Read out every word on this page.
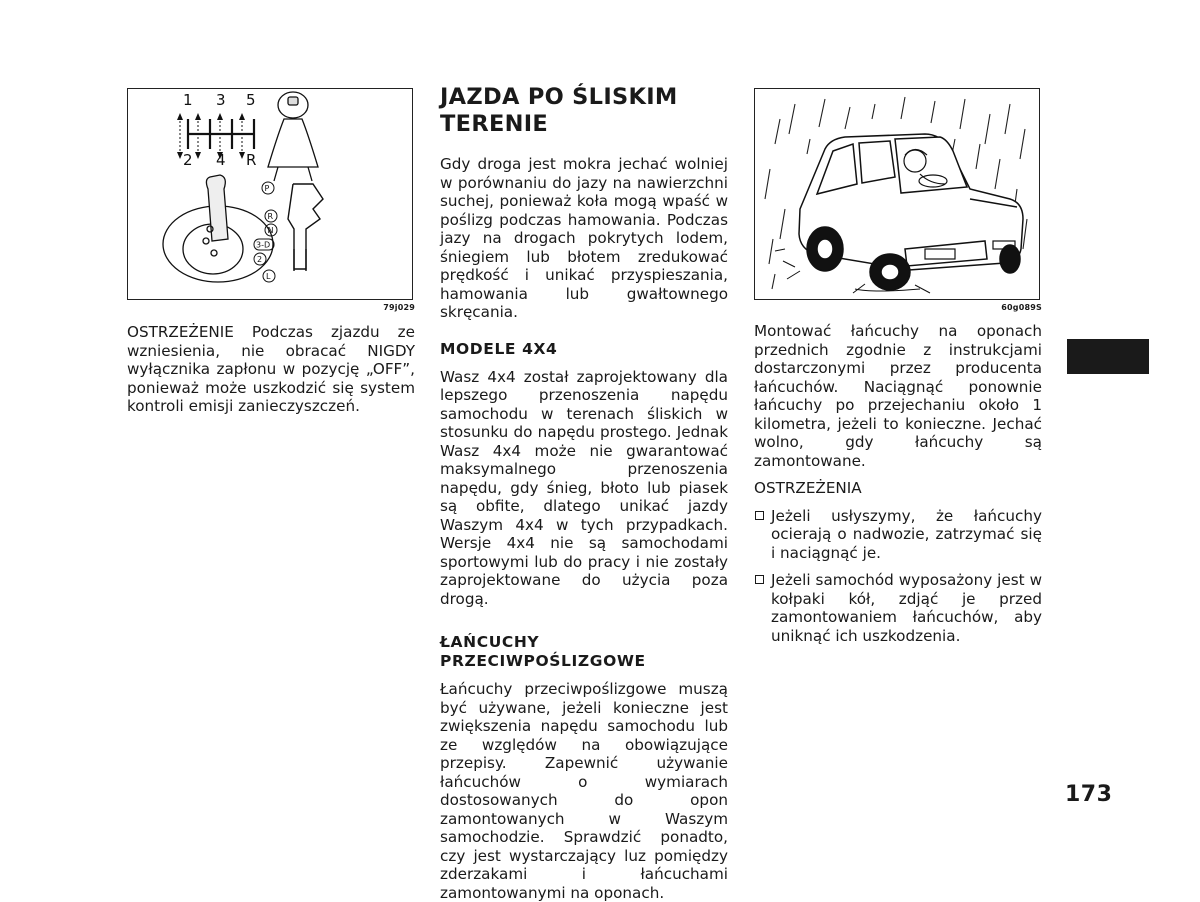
1 3 5
2 4 R
P
R
N
3-D
2
L
79j029

OSTRZEŻENIE Podczas zjazdu ze wzniesienia, nie obracać NIGDY wyłącznika zapłonu w pozycję „OFF”, ponieważ może uszkodzić się system kontroli emisji zanieczyszczeń.

JAZDA PO ŚLISKIM
TERENIE

Gdy droga jest mokra jechać wolniej w porównaniu do jazy na nawierzchni suchej, ponieważ koła mogą wpaść w poślizg podczas hamowania. Podczas jazy na drogach pokrytych lodem, śniegiem lub błotem zredukować prędkość i unikać przyspieszania, hamowania lub gwałtownego skręcania.

MODELE 4X4

Wasz 4x4 został zaprojektowany dla lepszego przenoszenia napędu samochodu w terenach śliskich w stosunku do napędu prostego. Jednak Wasz 4x4 może nie gwarantować maksymalnego przenoszenia napędu, gdy śnieg, błoto lub piasek są obfite, dlatego unikać jazdy Waszym 4x4 w tych przypadkach. Wersje 4x4 nie są samochodami sportowymi lub do pracy i nie zostały zaprojektowane do użycia poza drogą.

ŁAŃCUCHY
PRZECIWPOŚLIZGOWE

Łańcuchy przeciwpoślizgowe muszą być używane, jeżeli konieczne jest zwiększenia napędu samochodu lub ze względów na obowiązujące przepisy. Zapewnić używanie łańcuchów o wymiarach dostosowanych do opon zamontowanych w Waszym samochodzie. Sprawdzić ponadto, czy jest wystarczający luz pomiędzy zderzakami i łańcuchami zamontowanymi na oponach.

60g089S

Montować łańcuchy na oponach przednich zgodnie z instrukcjami dostarczonymi przez producenta łańcuchów. Naciągnąć ponownie łańcuchy po przejechaniu około 1 kilometra, jeżeli to konieczne. Jechać wolno, gdy łańcuchy są zamontowane.

OSTRZEŻENIA
Jeżeli usłyszymy, że łańcuchy ocierają o nadwozie, zatrzymać się i naciągnąć je.
Jeżeli samochód wyposażony jest w kołpaki kół, zdjąć je przed zamontowaniem łańcuchów, aby uniknąć ich uszkodzenia.
173
